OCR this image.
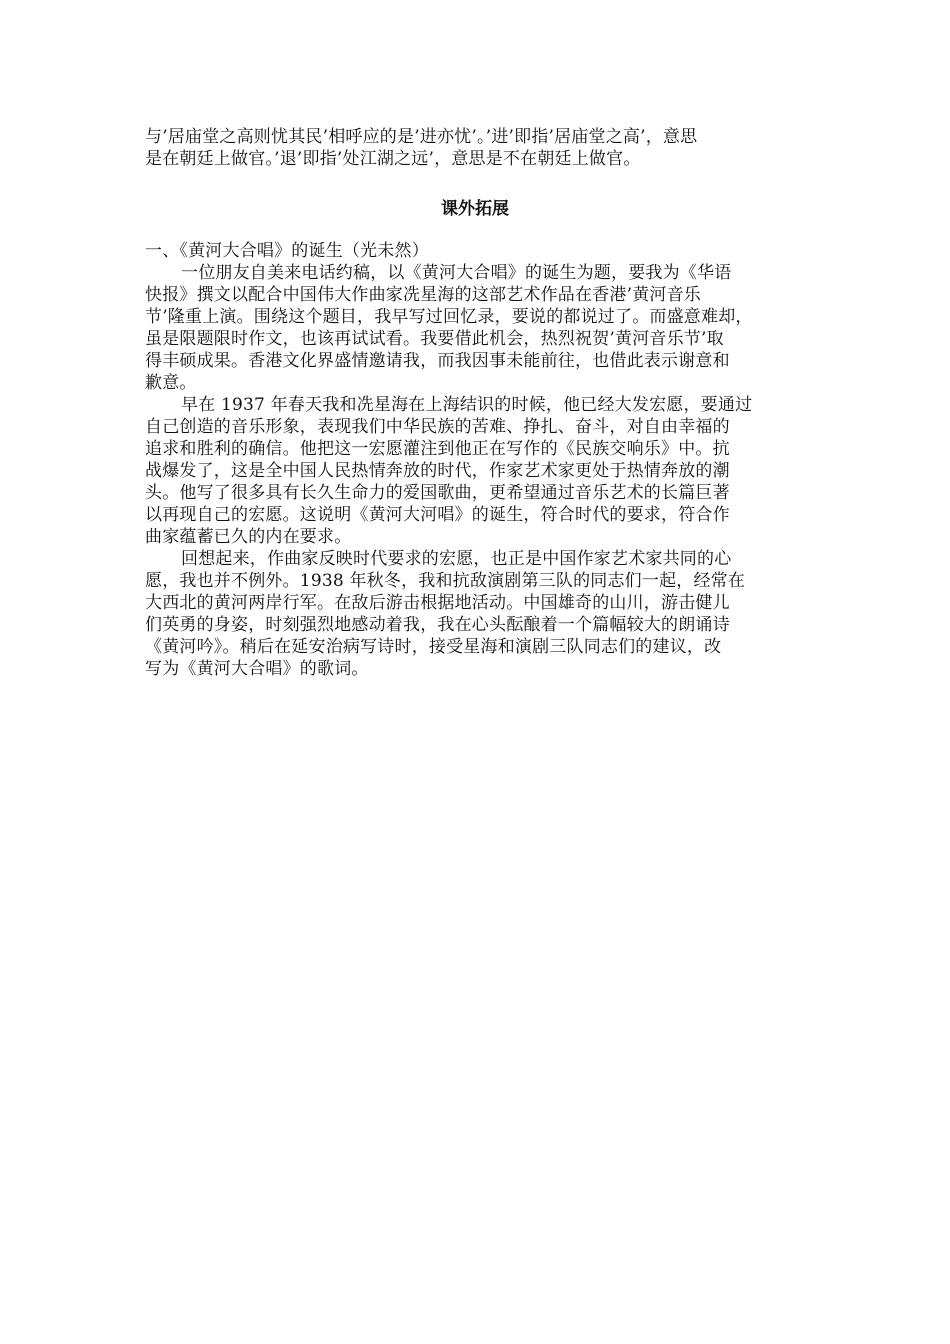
与’居庙堂之高则忧其民’相呼应的是’进亦忧’。’进’即指’居庙堂之高’，意思
是在朝廷上做官。’退’即指’处江湖之远’，意思是不在朝廷上做官。
课外拓展
一、《黄河大合唱》的诞生（光未然）
一位朋友自美来电话约稿，以《黄河大合唱》的诞生为题，要我为《华语
快报》撰文以配合中国伟大作曲家冼星海的这部艺术作品在香港’黄河音乐
节’隆重上演。围绕这个题目，我早写过回忆录，要说的都说过了。而盛意难却，
虽是限题限时作文，也该再试试看。我要借此机会，热烈祝贺’黄河音乐节’取
得丰硕成果。香港文化界盛情邀请我，而我因事未能前往，也借此表示谢意和
歉意。
早在 1937 年春天我和冼星海在上海结识的时候，他已经大发宏愿，要通过
自己创造的音乐形象，表现我们中华民族的苦难、挣扎、奋斗，对自由幸福的
追求和胜利的确信。他把这一宏愿灌注到他正在写作的《民族交响乐》中。抗
战爆发了，这是全中国人民热情奔放的时代，作家艺术家更处于热情奔放的潮
头。他写了很多具有长久生命力的爱国歌曲，更希望通过音乐艺术的长篇巨著
以再现自己的宏愿。这说明《黄河大河唱》的诞生，符合时代的要求，符合作
曲家蕴蓄已久的内在要求。
回想起来，作曲家反映时代要求的宏愿，也正是中国作家艺术家共同的心
愿，我也并不例外。1938 年秋冬，我和抗敌演剧第三队的同志们一起，经常在
大西北的黄河两岸行军。在敌后游击根据地活动。中国雄奇的山川，游击健儿
们英勇的身姿，时刻强烈地感动着我，我在心头酝酿着一个篇幅较大的朗诵诗
《黄河吟》。稍后在延安治病写诗时，接受星海和演剧三队同志们的建议，改
写为《黄河大合唱》的歌词。
